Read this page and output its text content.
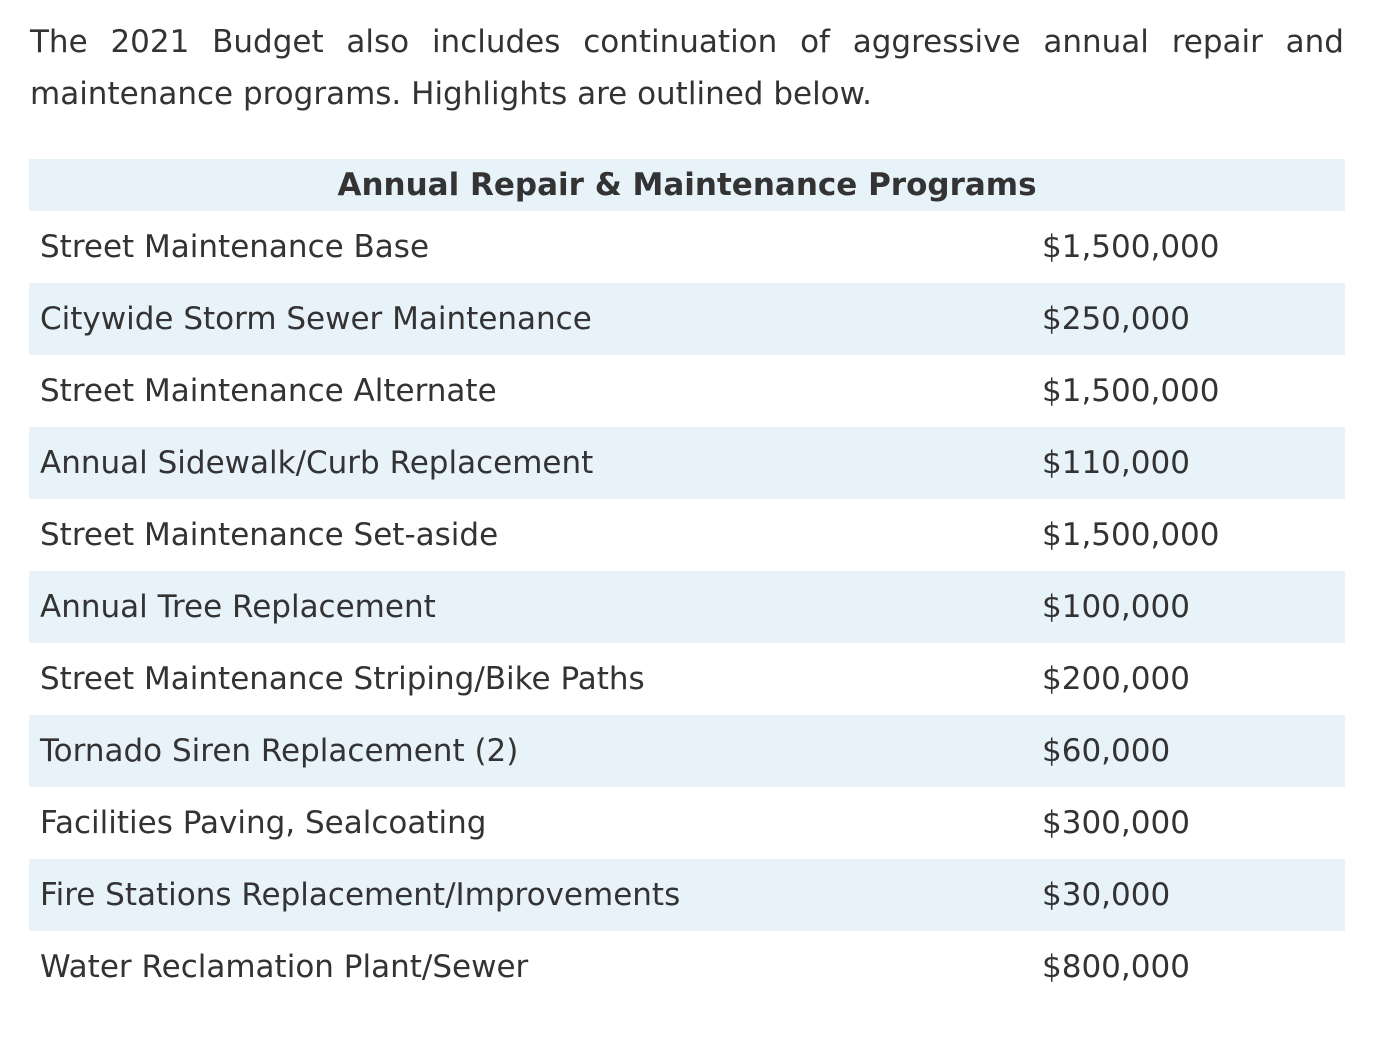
The 2021 Budget also includes continuation of aggressive annual repair and maintenance programs. Highlights are outlined below.

Annual Repair & Maintenance Programs	
Street Maintenance Base	$1,500,000
Citywide Storm Sewer Maintenance	$250,000
Street Maintenance Alternate	$1,500,000
Annual Sidewalk/Curb Replacement	$110,000
Street Maintenance Set-aside	$1,500,000
Annual Tree Replacement	$100,000
Street Maintenance Striping/Bike Paths	$200,000
Tornado Siren Replacement (2)	$60,000
Facilities Paving, Sealcoating	$300,000
Fire Stations Replacement/Improvements	$30,000
Water Reclamation Plant/Sewer	$800,000
